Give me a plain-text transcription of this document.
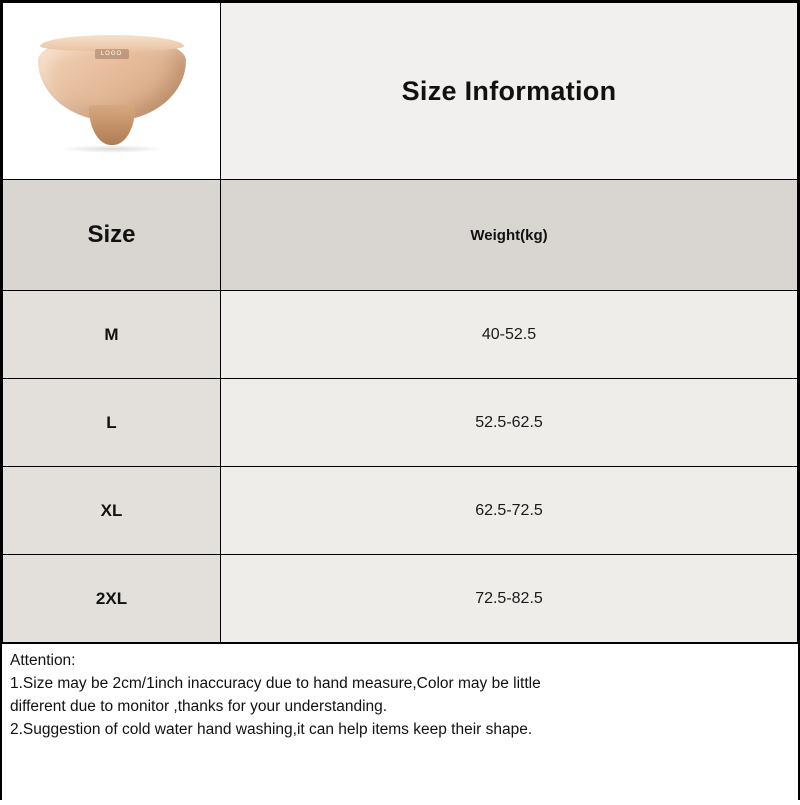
LOGO	Size Information
Size	Weight(kg)
M	40-52.5
L	52.5-62.5
XL	62.5-72.5
2XL	72.5-82.5

Attention:

1.Size may be 2cm/1inch inaccuracy due to hand measure,Color may be little

different due to monitor ,thanks for your understanding.

2.Suggestion of cold water hand washing,it can help items keep their shape.
